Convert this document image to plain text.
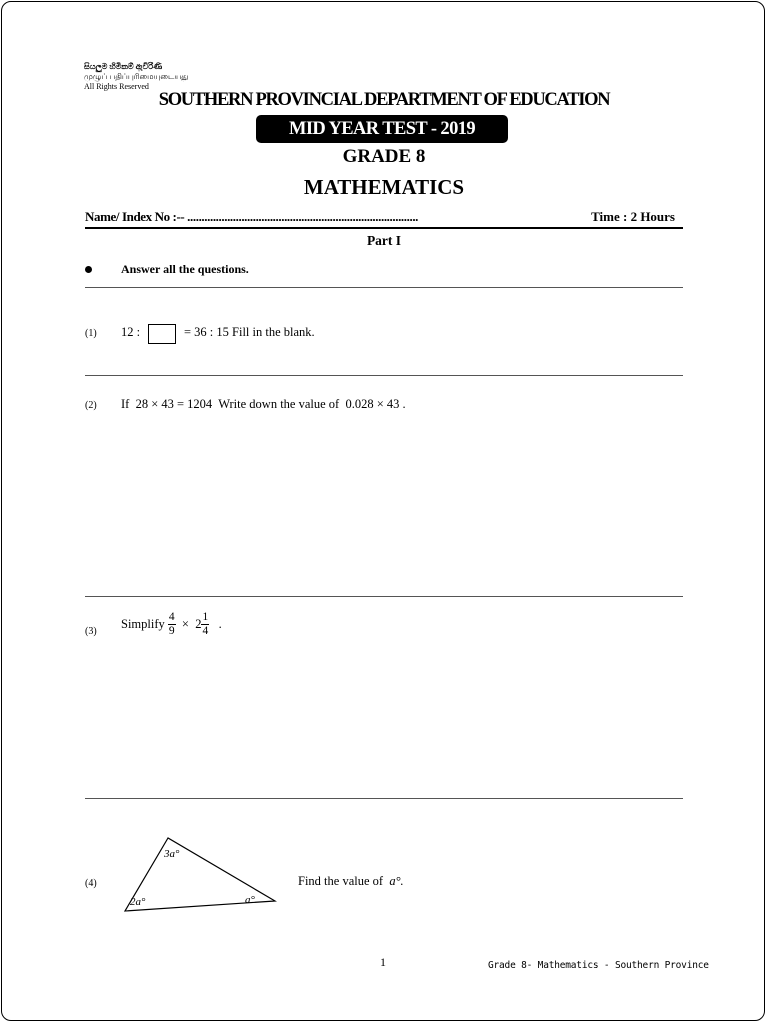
සියලුම හිමිකම් ඇවිරිණි
முழுப் பதிப்புரிமையுடையது
All Rights Reserved
SOUTHERN PROVINCIAL DEPARTMENT OF EDUCATION
MID YEAR TEST - 2019
GRADE 8
MATHEMATICS
Name/ Index No :-- .................................................................................	Time : 2 Hours
Part I
Answer all the questions.
(1) 12 :	= 36 : 15 Fill in the blank.
(2) If 28 × 43 = 1204 Write down the value of 0.028 × 43 .
(3)
Simplify $\frac{4}{9} \times 2 \frac{1}{4}$ .
(4)
3a°
2a°	a°
Find the value of a°.
1	Grade 8- Mathematics - Southern Province
